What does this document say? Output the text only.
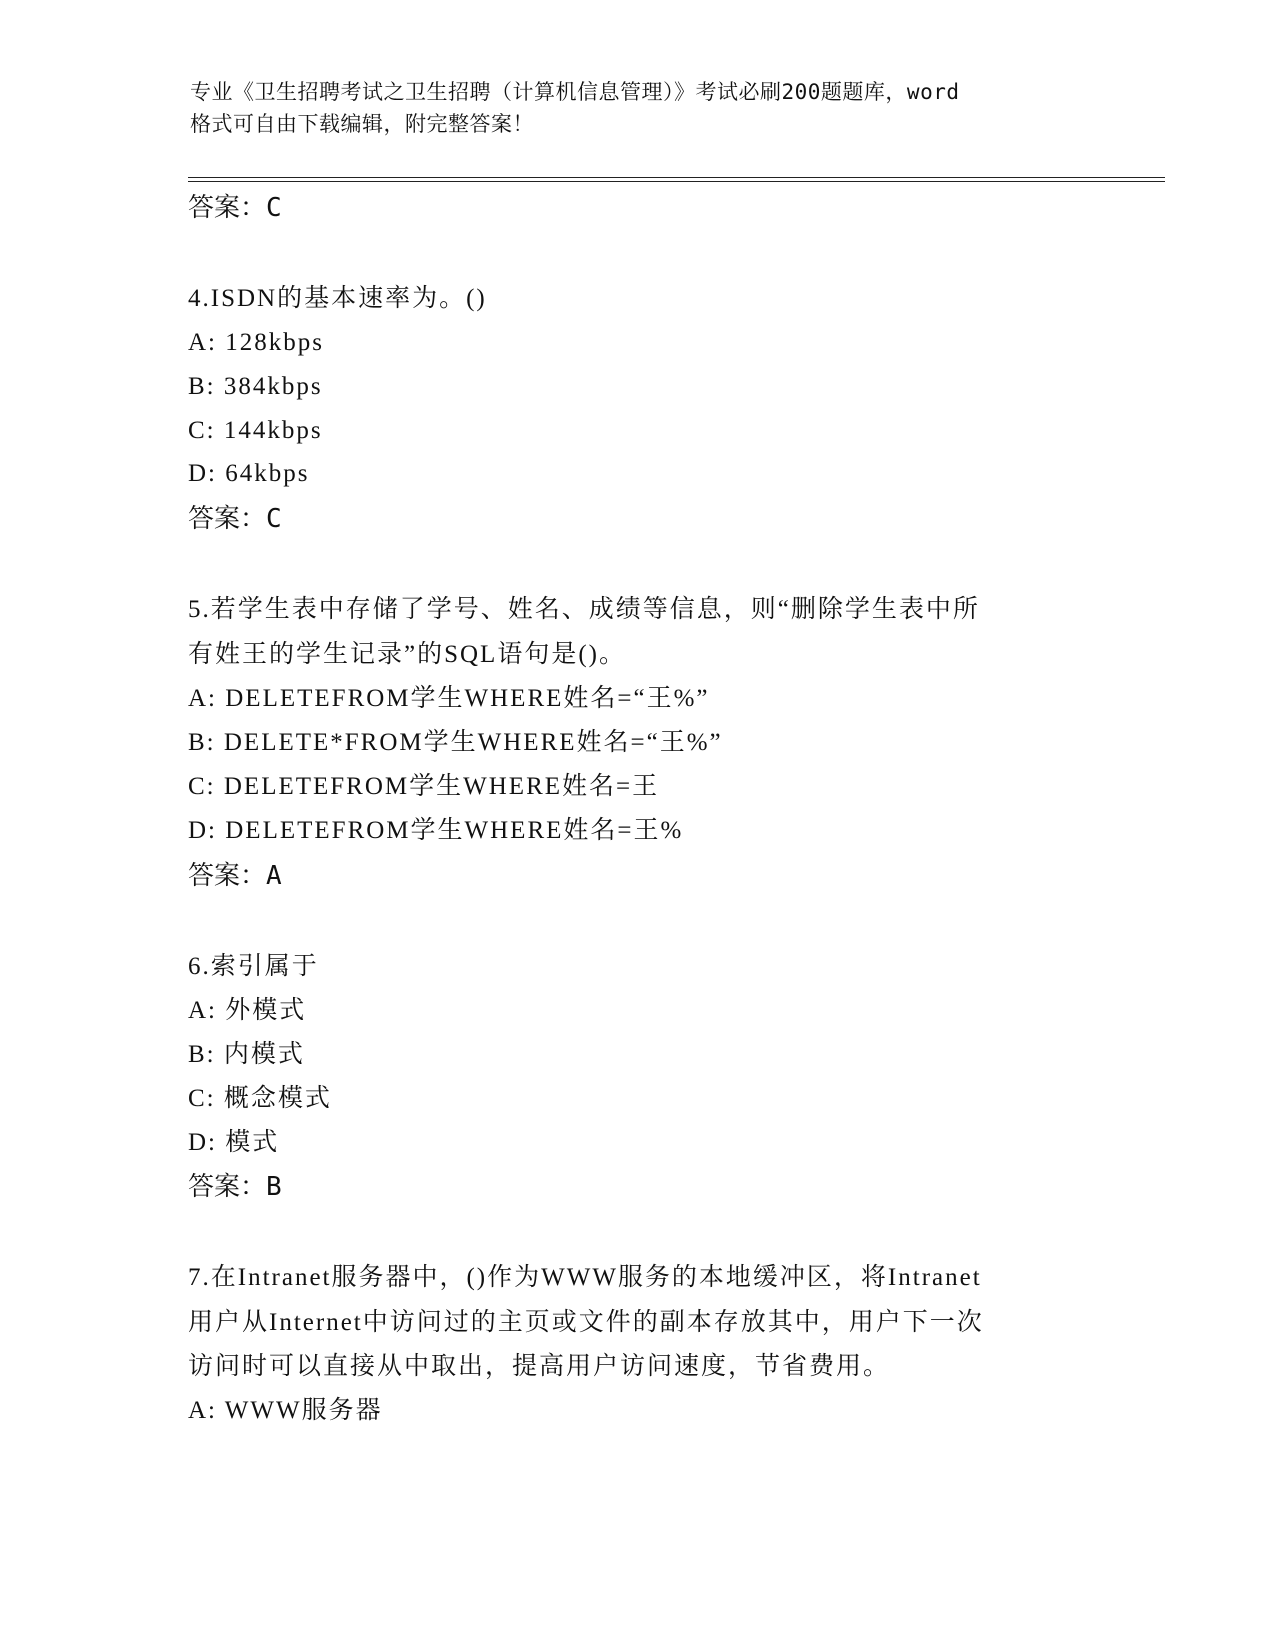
专业《卫生招聘考试之卫生招聘（计算机信息管理）》考试必刷200题题库，word
格式可自由下载编辑，附完整答案！
答案：C
4.ISDN的基本速率为。()
A: 128kbps
B: 384kbps
C: 144kbps
D: 64kbps
答案：C
5.若学生表中存储了学号、姓名、成绩等信息，则“删除学生表中所
有姓王的学生记录”的SQL语句是()。
A: DELETEFROM学生WHERE姓名=“王%”
B: DELETE*FROM学生WHERE姓名=“王%”
C: DELETEFROM学生WHERE姓名=王
D: DELETEFROM学生WHERE姓名=王%
答案：A
6.索引属于
A: 外模式
B: 内模式
C: 概念模式
D: 模式
答案：B
7.在Intranet服务器中，()作为WWW服务的本地缓冲区，将Intranet
用户从Internet中访问过的主页或文件的副本存放其中，用户下一次
访问时可以直接从中取出，提高用户访问速度，节省费用。
A: WWW服务器
